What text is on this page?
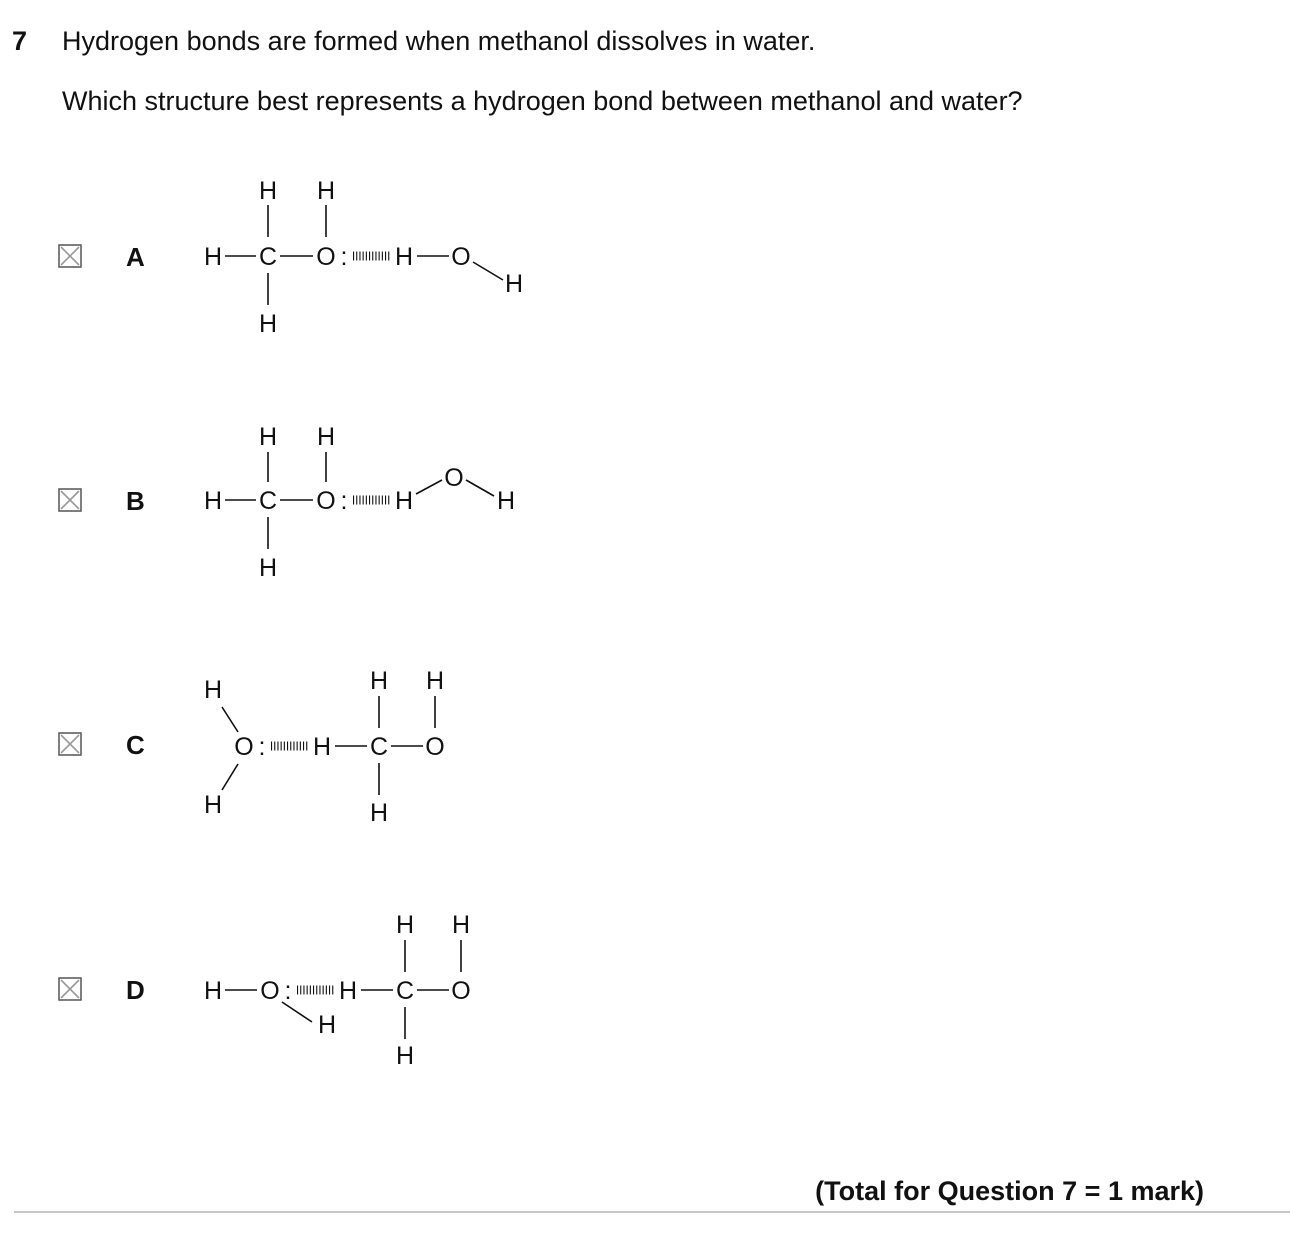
7 Hydrogen bonds are formed when methanol dissolves in water.
Which structure best represents a hydrogen bond between methanol and water?
A
H H
H C O : H O
H
H
B
H H
H C O : H
O
H
H
C
H
H
O : H
H H
C O
H
D H O : H
H
H H
C O
H
(Total for Question 7 = 1 mark)
